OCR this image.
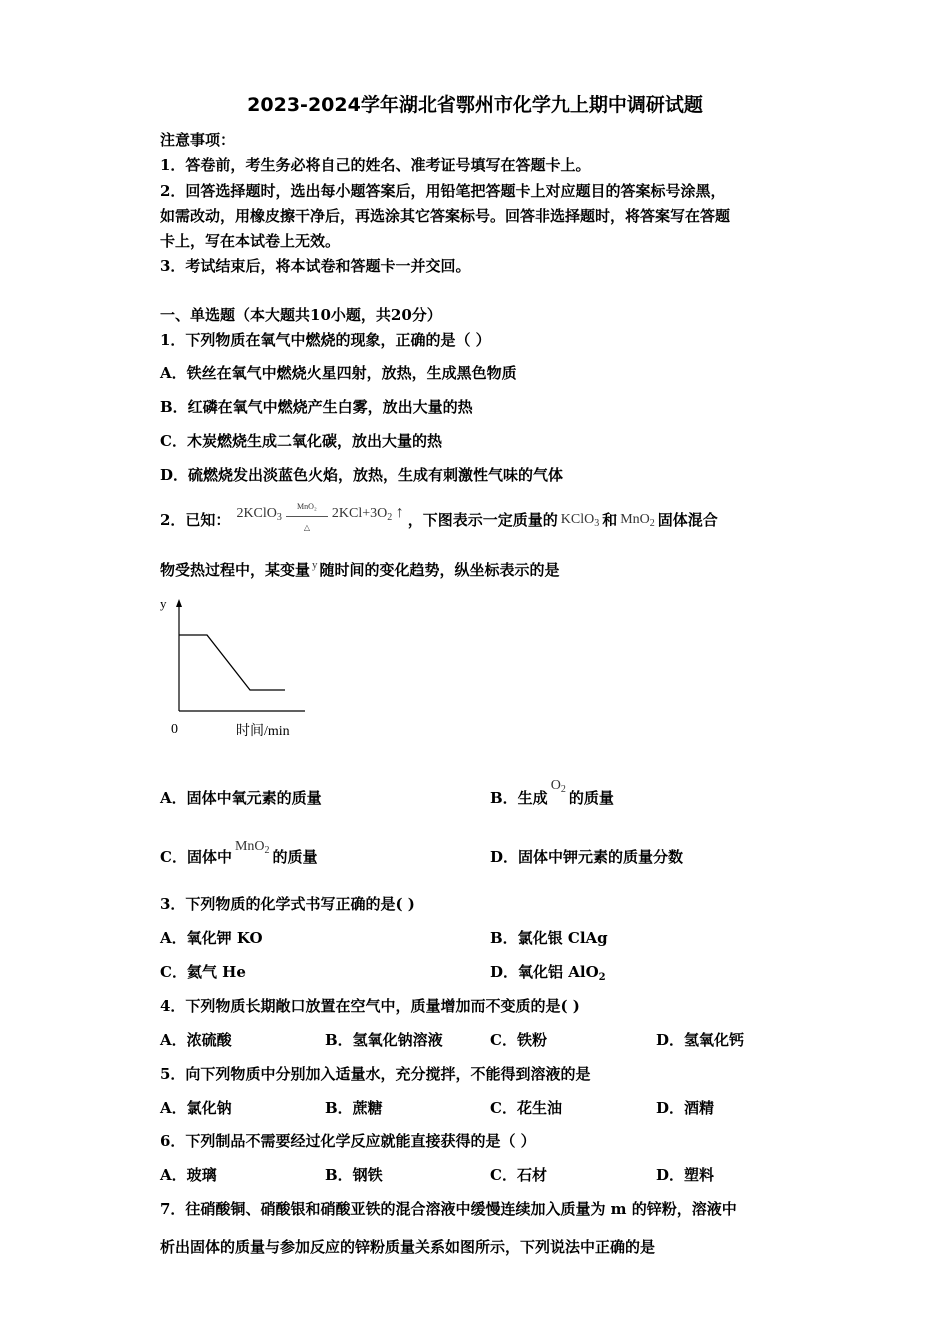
2023-2024学年湖北省鄂州市化学九上期中调研试题
注意事项：
1．答卷前，考生务必将自己的姓名、准考证号填写在答题卡上。
2．回答选择题时，选出每小题答案后，用铅笔把答题卡上对应题目的答案标号涂黑，
如需改动，用橡皮擦干净后，再选涂其它答案标号。回答非选择题时，将答案写在答题
卡上，写在本试卷上无效。
3．考试结束后，将本试卷和答题卡一并交回。
一、单选题（本大题共10小题，共20分）
1．下列物质在氧气中燃烧的现象，正确的是（ ）
A．铁丝在氧气中燃烧火星四射，放热，生成黑色物质
B．红磷在氧气中燃烧产生白雾，放出大量的热
C．木炭燃烧生成二氧化碳，放出大量的热
D．硫燃烧发出淡蓝色火焰，放热，生成有刺激性气味的气体
2．已知： 2KClO$_3$
MnO₂
△
$2KCl+3O_2$ ↑ ，下图表示一定质量的 KClO$_3$ 和 MnO$_2$ 固体混合
物受热过程中，某变量 $^y$ 随时间的变化趋势，纵坐标表示的是
y
0	时间/min
A．固体中氧元素的质量	B．生成$O_2$ 的质量
C．固体中MnO$_2$ 的质量	D．固体中钾元素的质量分数
3．下列物质的化学式书写正确的是( )
A．氧化钾 KO	B．氯化银 ClAg
C．氦气 He	D．氧化铝 AlO$_2$
4．下列物质长期敞口放置在空气中，质量增加而不变质的是( )
A．浓硫酸	B．氢氧化钠溶液	C．铁粉	D．氢氧化钙
5．向下列物质中分别加入适量水，充分搅拌，不能得到溶液的是
A．氯化钠	B．蔗糖	C．花生油	D．酒精
6．下列制品不需要经过化学反应就能直接获得的是（ ）
A．玻璃	B．钢铁	C．石材	D．塑料
7．往硝酸铜、硝酸银和硝酸亚铁的混合溶液中缓慢连续加入质量为 m 的锌粉，溶液中
析出固体的质量与参加反应的锌粉质量关系如图所示，下列说法中正确的是
